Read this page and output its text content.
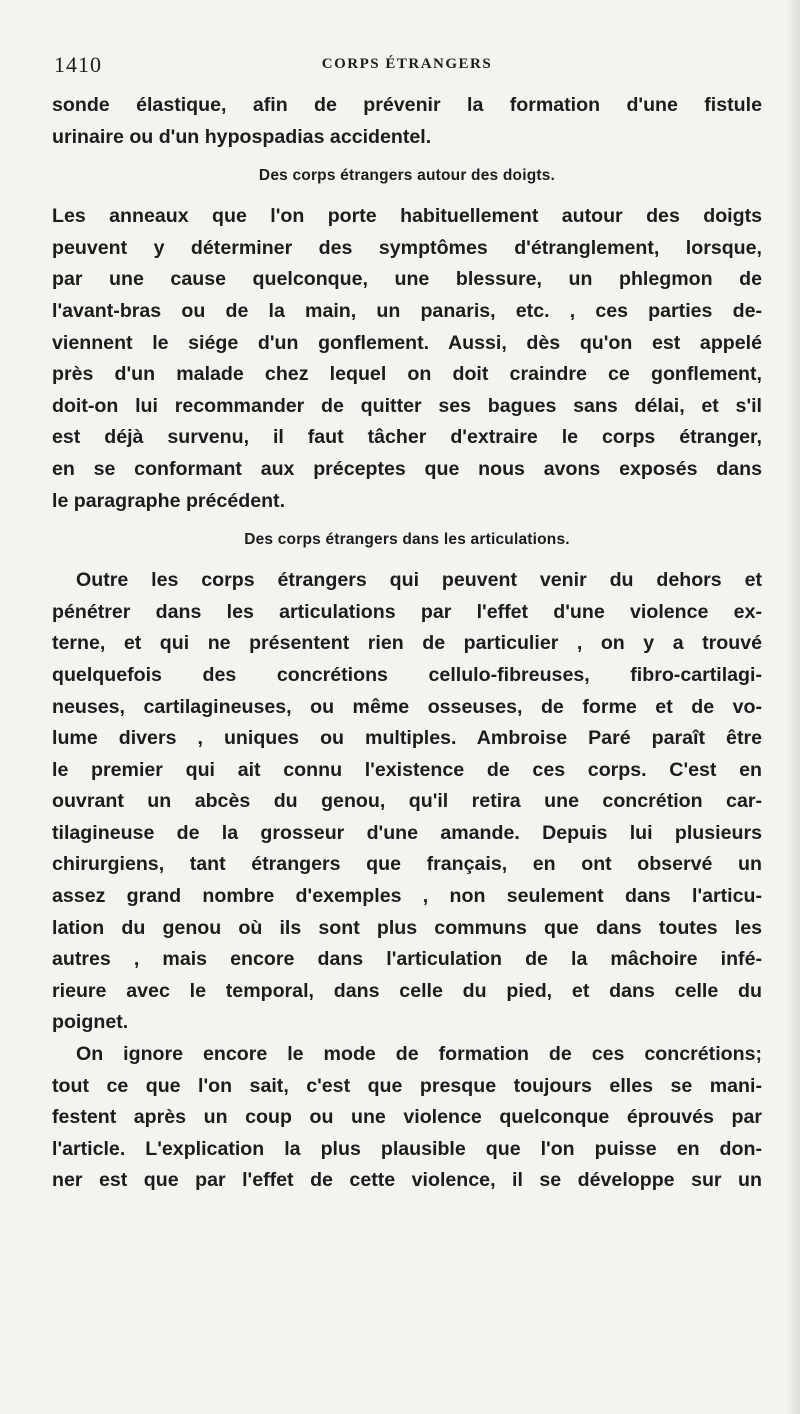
1410	CORPS ÉTRANGERS
sonde élastique, afin de prévenir la formation d'une fistule
urinaire ou d'un hypospadias accidentel.
Des corps étrangers autour des doigts.
Les anneaux que l'on porte habituellement autour des doigts
peuvent y déterminer des symptômes d'étranglement, lorsque,
par une cause quelconque, une blessure, un phlegmon de
l'avant-bras ou de la main, un panaris, etc. , ces parties de-
viennent le siége d'un gonflement. Aussi, dès qu'on est appelé
près d'un malade chez lequel on doit craindre ce gonflement,
doit-on lui recommander de quitter ses bagues sans délai, et s'il
est déjà survenu, il faut tâcher d'extraire le corps étranger,
en se conformant aux préceptes que nous avons exposés dans
le paragraphe précédent.
Des corps étrangers dans les articulations.
Outre les corps étrangers qui peuvent venir du dehors et
pénétrer dans les articulations par l'effet d'une violence ex-
terne, et qui ne présentent rien de particulier , on y a trouvé
quelquefois des concrétions cellulo-fibreuses, fibro-cartilagi-
neuses, cartilagineuses, ou même osseuses, de forme et de vo-
lume divers , uniques ou multiples. Ambroise Paré paraît être
le premier qui ait connu l'existence de ces corps. C'est en
ouvrant un abcès du genou, qu'il retira une concrétion car-
tilagineuse de la grosseur d'une amande. Depuis lui plusieurs
chirurgiens, tant étrangers que français, en ont observé un
assez grand nombre d'exemples , non seulement dans l'articu-
lation du genou où ils sont plus communs que dans toutes les
autres , mais encore dans l'articulation de la mâchoire infé-
rieure avec le temporal, dans celle du pied, et dans celle du
poignet.
On ignore encore le mode de formation de ces concrétions;
tout ce que l'on sait, c'est que presque toujours elles se mani-
festent après un coup ou une violence quelconque éprouvés par
l'article. L'explication la plus plausible que l'on puisse en don-
ner est que par l'effet de cette violence, il se développe sur un
